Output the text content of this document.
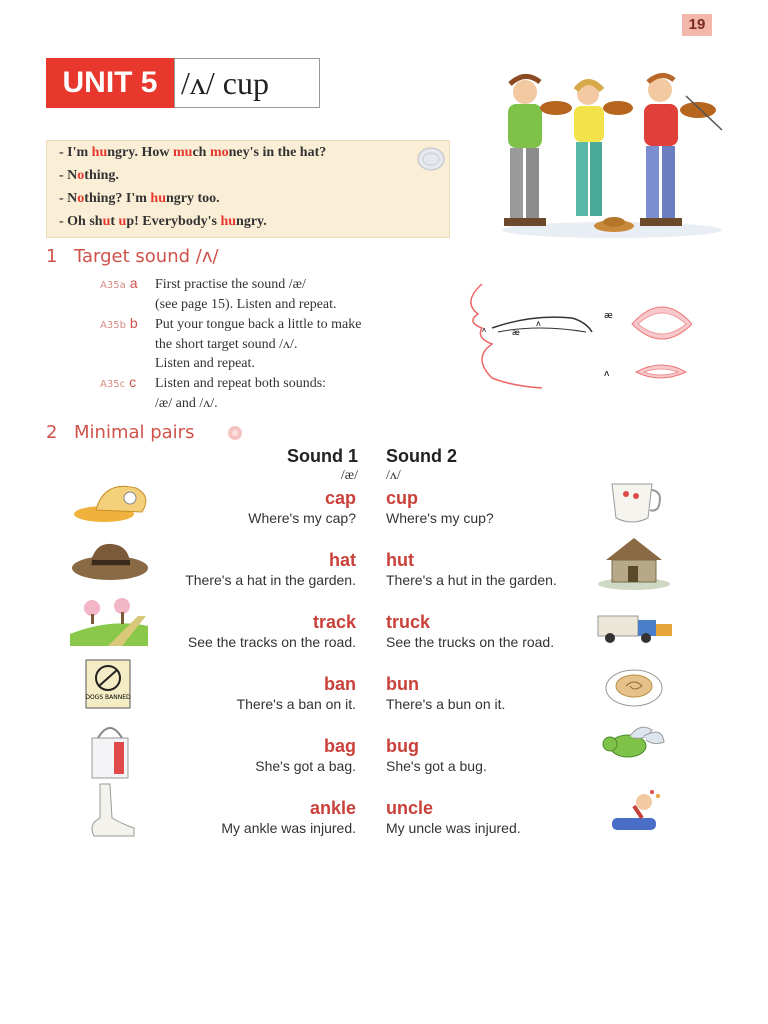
19
UNIT 5 /ʌ/ cup
- I'm hungry. How much money's in the hat?
- Nothing.
- Nothing? I'm hungry too.
- Oh shut up! Everybody's hungry.
1 Target sound /ʌ/
A35a a First practise the sound /æ/
(see page 15). Listen and repeat.
A35b b Put your tongue back a little to make
the short target sound /ʌ/.
Listen and repeat.
A35c c Listen and repeat both sounds:
/æ/ and /ʌ/.
æ
ʌ
ʌ
æ
ʌ
2 Minimal pairs
Sound 1
/æ/
Sound 2
/ʌ/
cap
Where's my cap?
cup
Where's my cup?
hat
There's a hat in the garden.
hut
There's a hut in the garden.
track
See the tracks on the road.
truck
See the trucks on the road.
ban
There's a ban on it.
bun
There's a bun on it.
bag
She's got a bag.
bug
She's got a bug.
ankle
My ankle was injured.
uncle
My uncle was injured.
DOGS BANNED
